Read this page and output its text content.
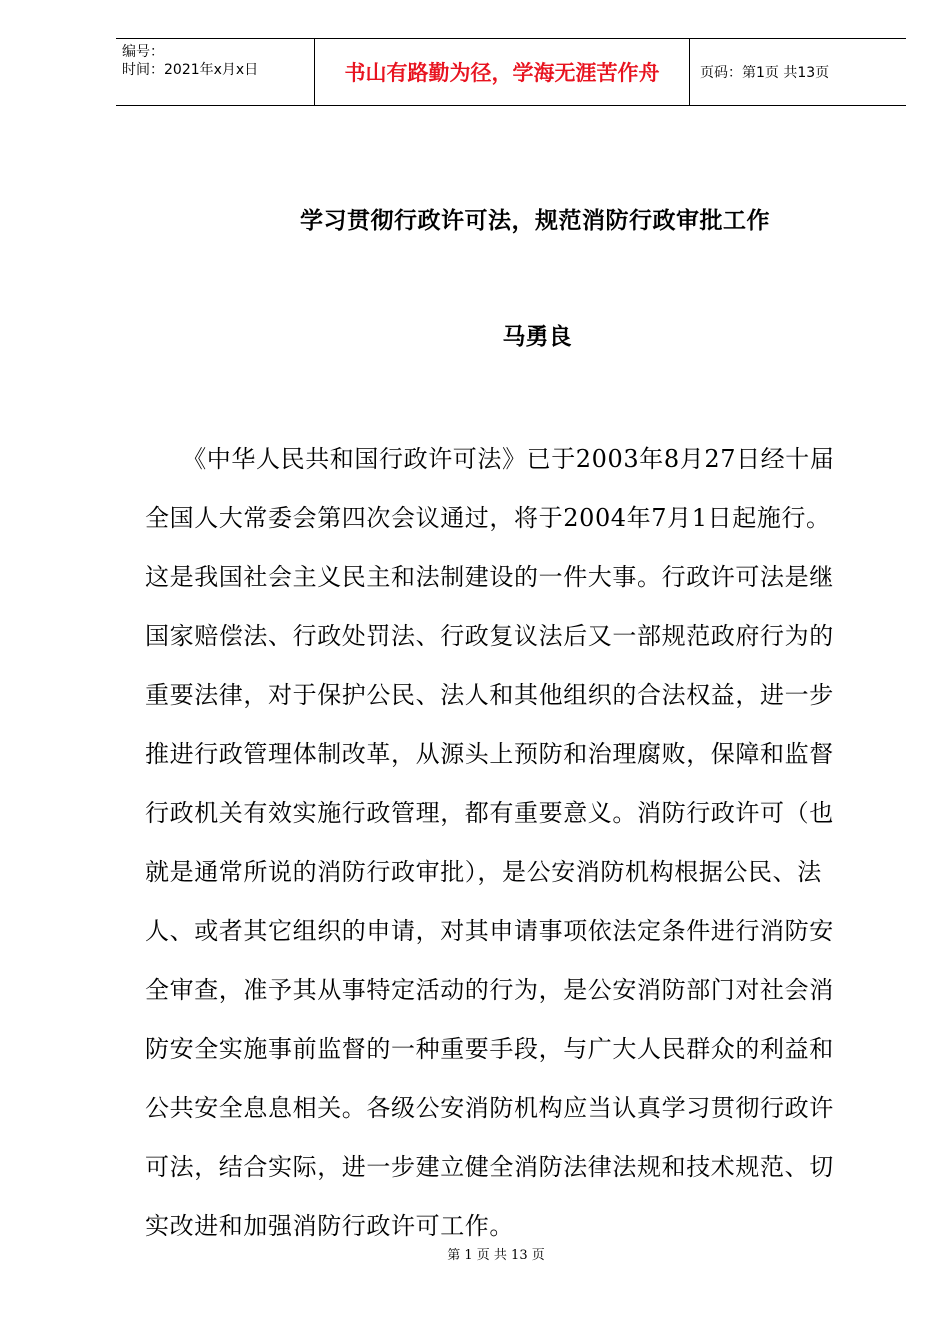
编号：
时间：2021年x月x日	书山有路勤为径，学海无涯苦作舟	页码：第1页 共13页
学习贯彻行政许可法，规范消防行政审批工作
马勇良
　　《中华人民共和国行政许可法》已于2003年8月27日经十届
全国人大常委会第四次会议通过，将于2004年7月1日起施行。
这是我国社会主义民主和法制建设的一件大事。行政许可法是继
国家赔偿法、行政处罚法、行政复议法后又一部规范政府行为的
重要法律，对于保护公民、法人和其他组织的合法权益，进一步
推进行政管理体制改革，从源头上预防和治理腐败，保障和监督
行政机关有效实施行政管理，都有重要意义。消防行政许可（也
就是通常所说的消防行政审批），是公安消防机构根据公民、法
人、或者其它组织的申请，对其申请事项依法定条件进行消防安
全审查，准予其从事特定活动的行为，是公安消防部门对社会消
防安全实施事前监督的一种重要手段，与广大人民群众的利益和
公共安全息息相关。各级公安消防机构应当认真学习贯彻行政许
可法，结合实际，进一步建立健全消防法律法规和技术规范、切
实改进和加强消防行政许可工作。
第 1 页 共 13 页
